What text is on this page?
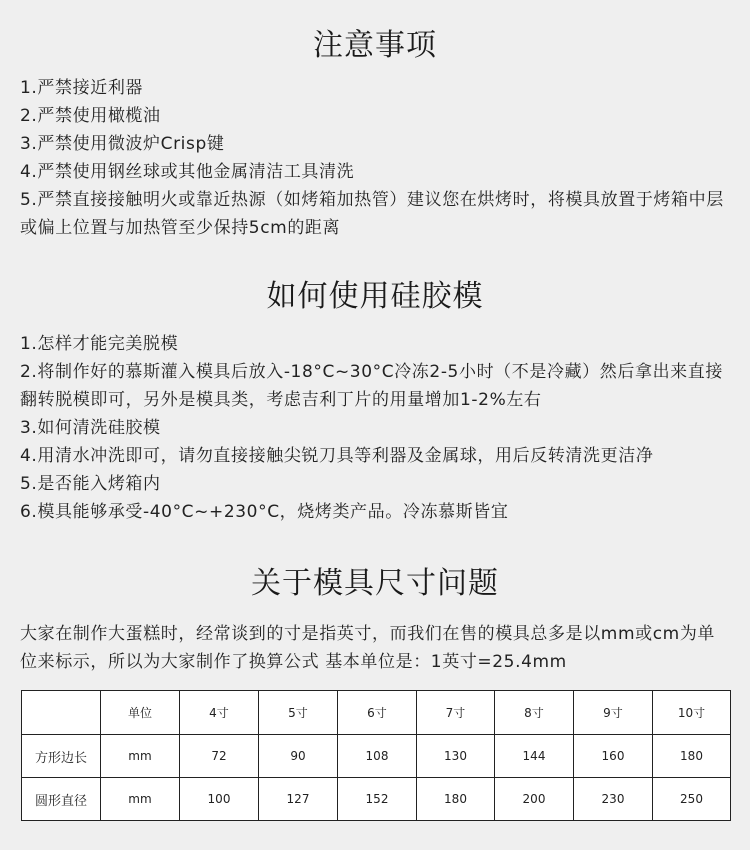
注意事项
1.严禁接近利器
2.严禁使用橄榄油
3.严禁使用微波炉Crisp键
4.严禁使用钢丝球或其他金属清洁工具清洗
5.严禁直接接触明火或靠近热源（如烤箱加热管）建议您在烘烤时，将模具放置于烤箱中层或偏上位置与加热管至少保持5cm的距离
如何使用硅胶模
1.怎样才能完美脱模
2.将制作好的慕斯灌入模具后放入-18°C~30°C冷冻2-5小时（不是冷藏）然后拿出来直接翻转脱模即可，另外是模具类，考虑吉利丁片的用量增加1-2%左右
3.如何清洗硅胶模
4.用清水冲洗即可，请勿直接接触尖锐刀具等利器及金属球，用后反转清洗更洁净
5.是否能入烤箱内
6.模具能够承受-40°C~+230°C，烧烤类产品。冷冻慕斯皆宜
关于模具尺寸问题

大家在制作大蛋糕时，经常谈到的寸是指英寸，而我们在售的模具总多是以mm或cm为单位来标示，所以为大家制作了换算公式 基本单位是：1英寸=25.4mm

	单位	4寸	5寸	6寸	7寸	8寸	9寸	10寸
方形边长	mm	72	90	108	130	144	160	180
圆形直径	mm	100	127	152	180	200	230	250
